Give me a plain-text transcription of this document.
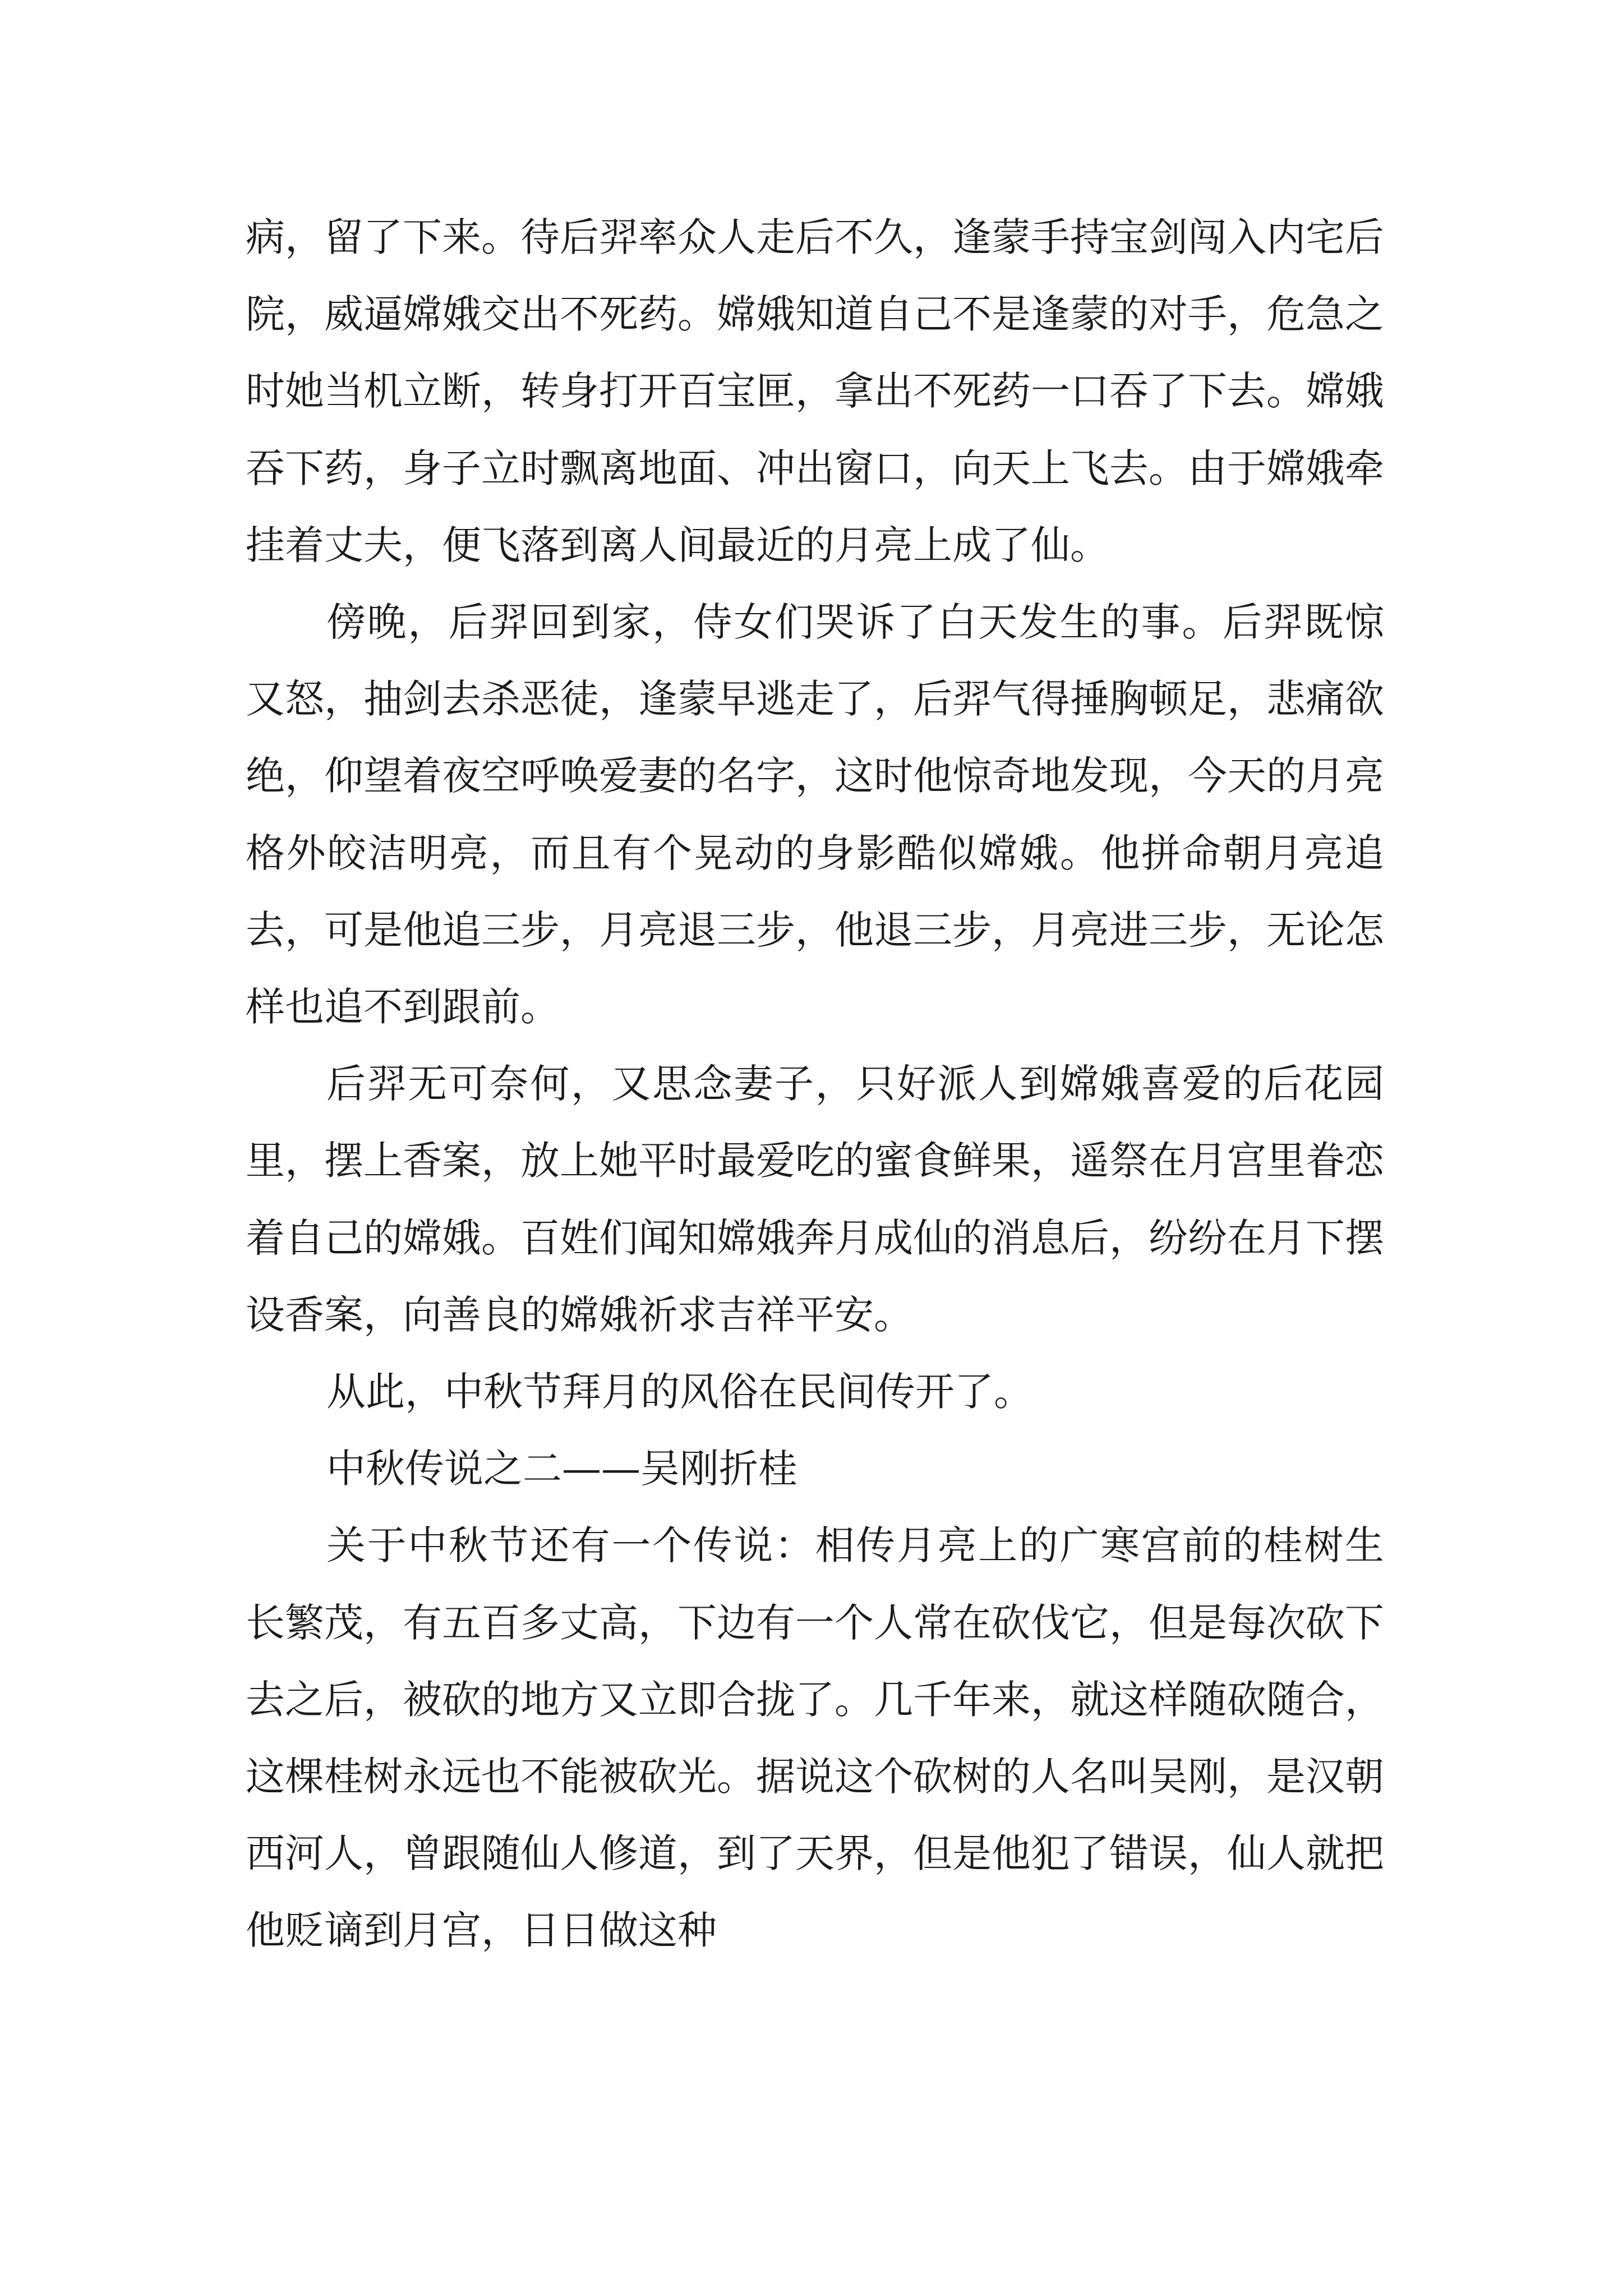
病，留了下来。待后羿率众人走后不久，逢蒙手持宝剑闯入内宅后院，威逼嫦娥交出不死药。嫦娥知道自己不是逢蒙的对手，危急之时她当机立断，转身打开百宝匣，拿出不死药一口吞了下去。嫦娥吞下药，身子立时飘离地面、冲出窗口，向天上飞去。由于嫦娥牵挂着丈夫，便飞落到离人间最近的月亮上成了仙。

傍晚，后羿回到家，侍女们哭诉了白天发生的事。后羿既惊又怒，抽剑去杀恶徒，逢蒙早逃走了，后羿气得捶胸顿足，悲痛欲绝，仰望着夜空呼唤爱妻的名字，这时他惊奇地发现，今天的月亮格外皎洁明亮，而且有个晃动的身影酷似嫦娥。他拼命朝月亮追去，可是他追三步，月亮退三步，他退三步，月亮进三步，无论怎样也追不到跟前。

后羿无可奈何，又思念妻子，只好派人到嫦娥喜爱的后花园里，摆上香案，放上她平时最爱吃的蜜食鲜果，遥祭在月宫里眷恋着自己的嫦娥。百姓们闻知嫦娥奔月成仙的消息后，纷纷在月下摆设香案，向善良的嫦娥祈求吉祥平安。

从此，中秋节拜月的风俗在民间传开了。

中秋传说之二——吴刚折桂

关于中秋节还有一个传说：相传月亮上的广寒宫前的桂树生长繁茂，有五百多丈高，下边有一个人常在砍伐它，但是每次砍下去之后，被砍的地方又立即合拢了。几千年来，就这样随砍随合，这棵桂树永远也不能被砍光。据说这个砍树的人名叫吴刚，是汉朝西河人，曾跟随仙人修道，到了天界，但是他犯了错误，仙人就把他贬谪到月宫，日日做这种
